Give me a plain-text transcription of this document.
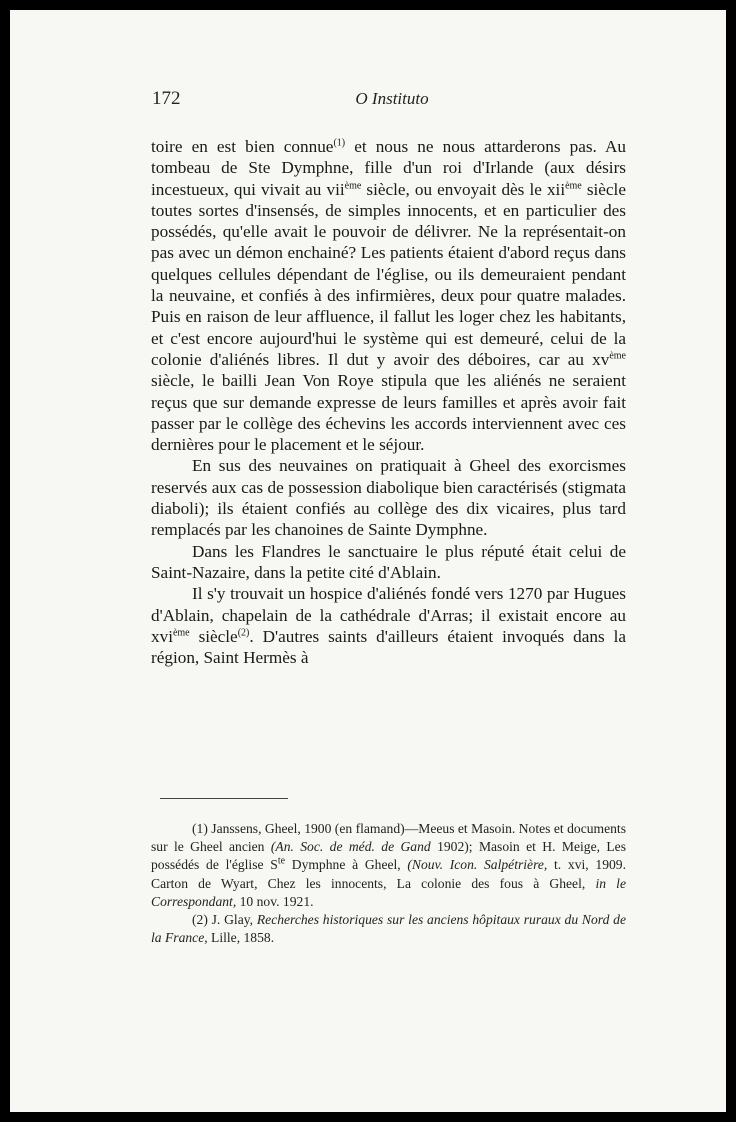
172	O Instituto

toire en est bien connue$^{(1)}$ et nous ne nous attarderons pas. Au tombeau de Ste Dymphne, fille d'un roi d'Irlande (aux désirs incestueux, qui vivait au vii$^{ème}$ siècle, ou envoyait dès le xii$^{ème}$ siècle toutes sortes d'insensés, de simples innocents, et en particulier des possédés, qu'elle avait le pouvoir de délivrer. Ne la représentait-on pas avec un démon enchainé? Les patients étaient d'abord reçus dans quelques cellules dépendant de l'église, ou ils demeuraient pendant la neuvaine, et confiés à des infirmières, deux pour quatre malades. Puis en raison de leur affluence, il fallut les loger chez les habitants, et c'est encore aujourd'hui le système qui est demeuré, celui de la colonie d'aliénés libres. Il dut y avoir des déboires, car au $xv^{ème}$ siècle, le bailli Jean Von Roye stipula que les aliénés ne seraient reçus que sur demande expresse de leurs familles et après avoir fait passer par le collège des échevins les accords interviennent avec ces dernières pour le placement et le séjour.

En sus des neuvaines on pratiquait à Gheel des exorcismes reservés aux cas de possession diabolique bien caractérisés (stigmata diaboli); ils étaient confiés au collège des dix vicaires, plus tard remplacés par les chanoines de Sainte Dymphne.

Dans les Flandres le sanctuaire le plus réputé était celui de Saint-Nazaire, dans la petite cité d'Ablain.

Il s'y trouvait un hospice d'aliénés fondé vers 1270 par Hugues d'Ablain, chapelain de la cathédrale d'Arras; il existait encore au xvi$^{ème}$ siècle$^{(2)}$. D'autres saints d'ailleurs étaient invoqués dans la région, Saint Hermès à

(1) Janssens, Gheel, 1900 (en flamand)—Meeus et Masoin. Notes et documents sur le Gheel ancien (An. Soc. de méd. de Gand 1902); Masoin et H. Meige, Les possédés de l'église $S^{te}$ Dymphne à Gheel, (Nouv. Icon. Salpétrière, t. xvi, 1909. Carton de Wyart, Chez les innocents, La colonie des fous à Gheel, in le Correspondant, 10 nov. 1921.

(2) J. Glay, Recherches historiques sur les anciens hôpitaux ruraux du Nord de la France, Lille, 1858.
